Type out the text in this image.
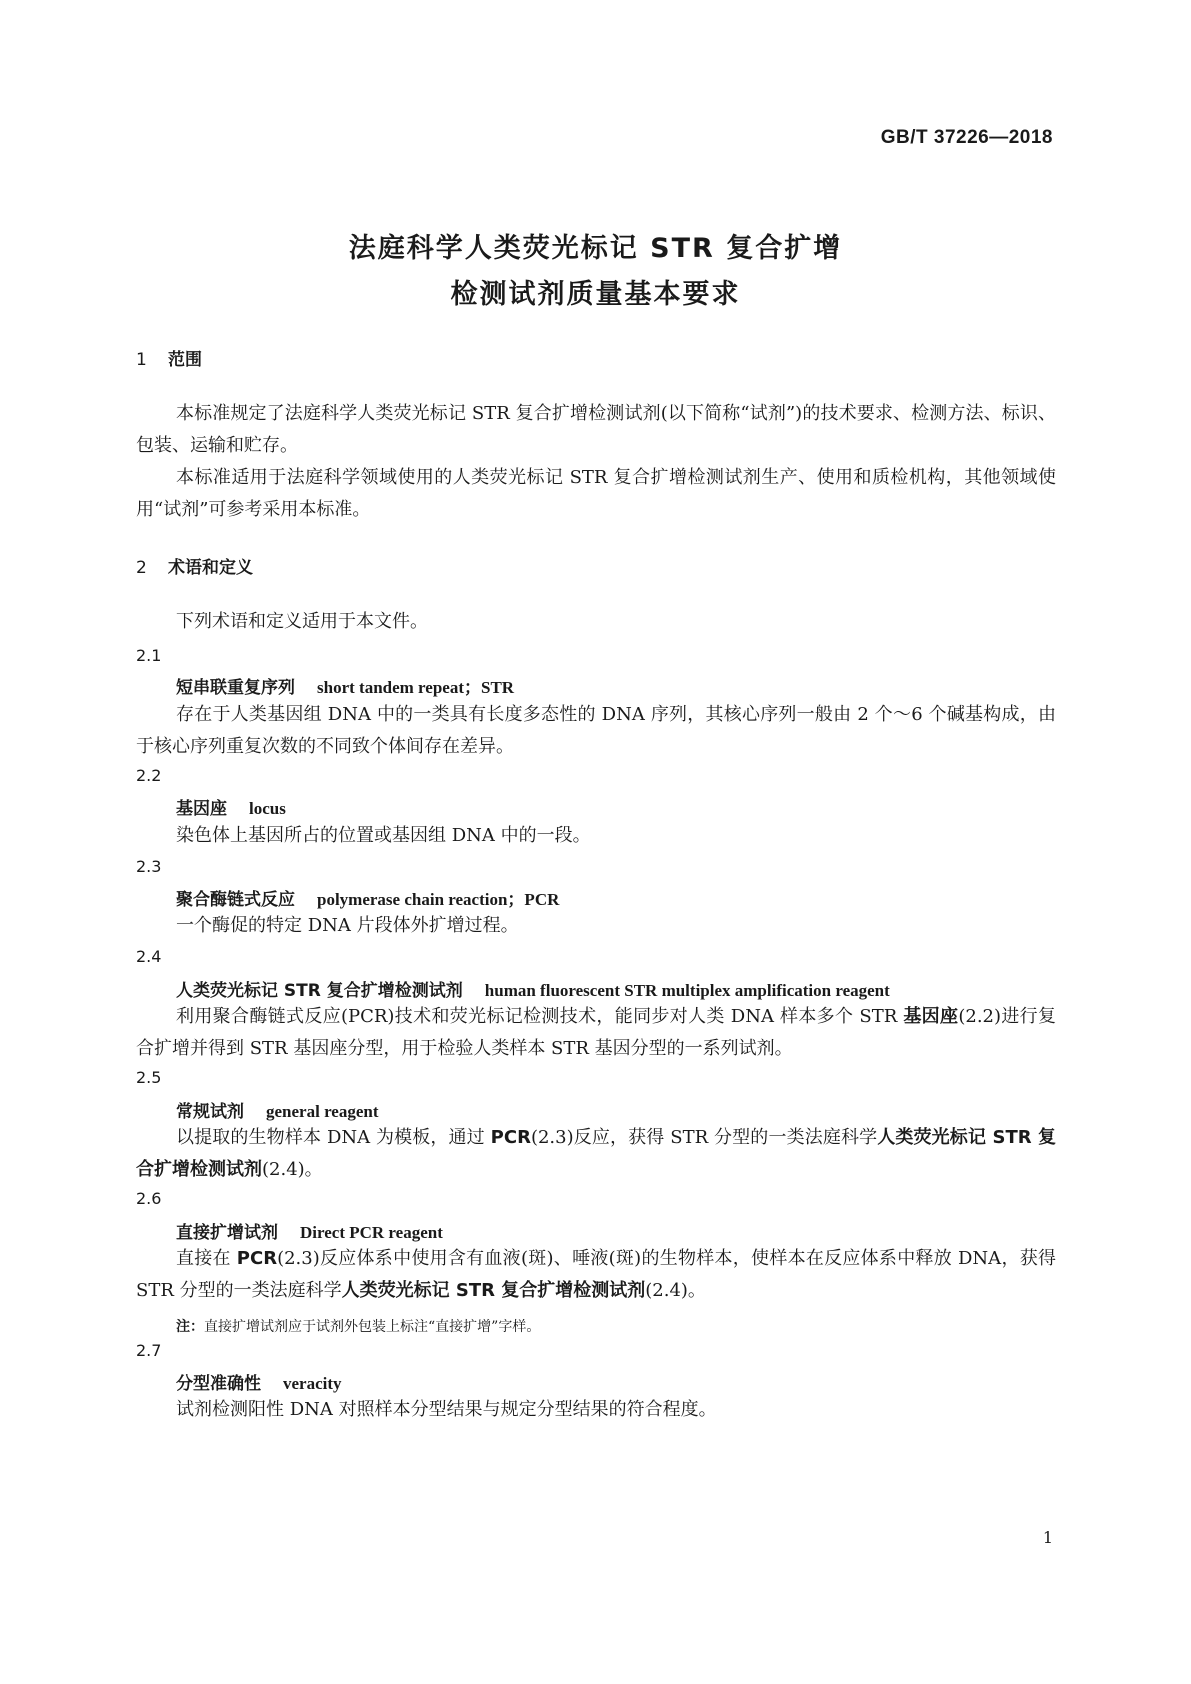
GB/T 37226—2018
法庭科学人类荧光标记 STR 复合扩增
检测试剂质量基本要求
1 范围

本标准规定了法庭科学人类荧光标记 STR 复合扩增检测试剂(以下简称“试剂”)的技术要求、检测方法、标识、包装、运输和贮存。

本标准适用于法庭科学领域使用的人类荧光标记 STR 复合扩增检测试剂生产、使用和质检机构，其他领域使用“试剂”可参考采用本标准。

2 术语和定义

下列术语和定义适用于本文件。

2.1
短串联重复序列 short tandem repeat；STR

存在于人类基因组 DNA 中的一类具有长度多态性的 DNA 序列，其核心序列一般由 2 个～6 个碱基构成，由于核心序列重复次数的不同致个体间存在差异。

2.2
基因座 locus

染色体上基因所占的位置或基因组 DNA 中的一段。

2.3
聚合酶链式反应 polymerase chain reaction；PCR

一个酶促的特定 DNA 片段体外扩增过程。

2.4
人类荧光标记 STR 复合扩增检测试剂 human fluorescent STR multiplex amplification reagent

利用聚合酶链式反应(PCR)技术和荧光标记检测技术，能同步对人类 DNA 样本多个 STR 基因座(2.2)进行复合扩增并得到 STR 基因座分型，用于检验人类样本 STR 基因分型的一系列试剂。

2.5
常规试剂 general reagent

以提取的生物样本 DNA 为模板，通过 PCR(2.3)反应，获得 STR 分型的一类法庭科学人类荧光标记 STR 复合扩增检测试剂(2.4)。

2.6
直接扩增试剂 Direct PCR reagent

直接在 PCR(2.3)反应体系中使用含有血液(斑)、唾液(斑)的生物样本，使样本在反应体系中释放 DNA，获得 STR 分型的一类法庭科学人类荧光标记 STR 复合扩增检测试剂(2.4)。

注：直接扩增试剂应于试剂外包装上标注“直接扩增”字样。
2.7
分型准确性 veracity

试剂检测阳性 DNA 对照样本分型结果与规定分型结果的符合程度。

1
